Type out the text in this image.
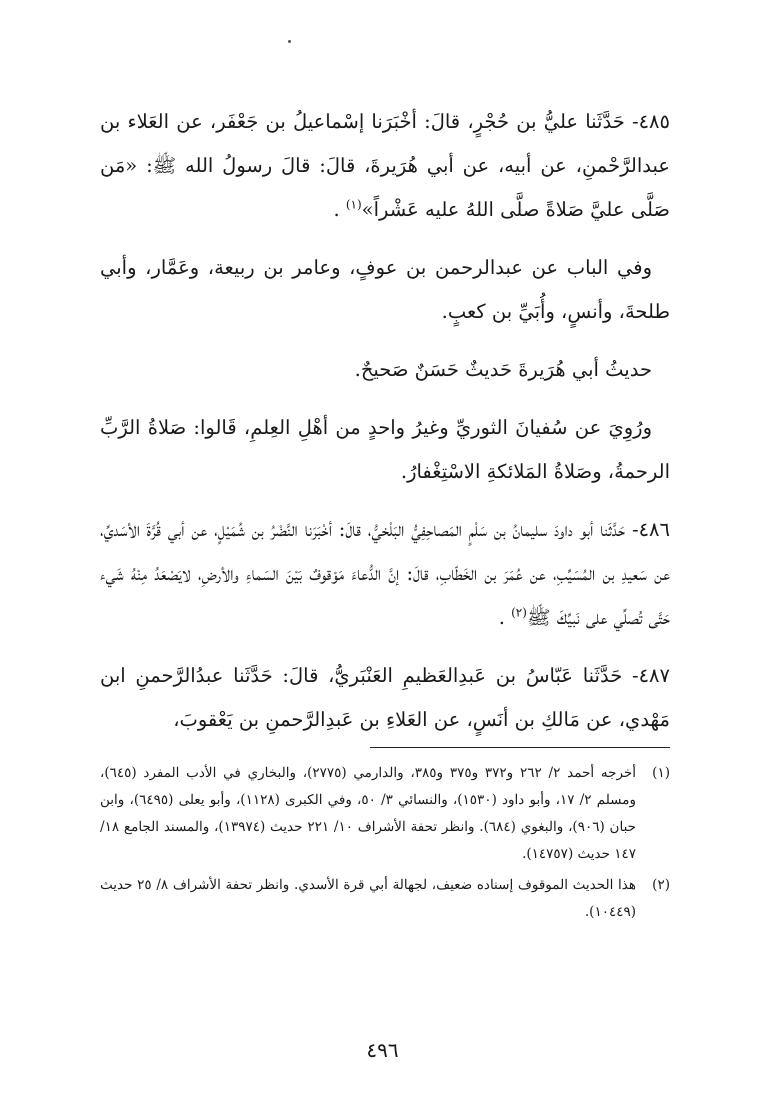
٤٨٥- حَدَّثَنا عليُّ بن حُجْرٍ، قالَ: أخْبَرَنا إسْماعيلُ بن جَعْفَر، عن العَلاء بن عبدالرَّحْمنِ، عن أبيه، عن أبي هُرَيرةَ، قالَ: قالَ رسولُ الله ﷺ: «مَن صَلَّى عليَّ صَلاةً صلَّى اللهُ عليه عَشْراً»$^{(١)}$ .

وفي الباب عن عبدالرحمن بن عوفٍ، وعامر بن ربيعة، وعَمَّار، وأبي طلحةَ، وأنسٍ، وأُبَيِّ بن كعبٍ.

حديثُ أبي هُرَيرةَ حَديثٌ حَسَنٌ صَحيحٌ.

ورُوِيَ عن سُفيانَ الثوريِّ وغيرُ واحدٍ من أهْلِ العِلمِ، قَالوا: صَلاةُ الرَّبِّ الرحمةُ، وصَلاةُ المَلائكةِ الاسْتِغْفارُ.

٤٨٦- حَدَّثَنا أبو داودَ سليمانُ بن سَلْمٍ المَصاحِفِيُّ البَلْخيُّ، قالَ: أخْبَرَنا النَّضْرُ بن شُمَيْلٍ، عن أبي قُرَّةَ الأسَديِّ، عن سَعيدِ بن المُسَيِّبِ، عن عُمَرَ بن الخَطّابِ، قالَ: إنَّ الدُّعاءَ مَوْقوفٌ بَيْنَ السَماءِ والأرضِ، لايَصْعَدُ مِنْهُ شَيء حَتَّى تُصلِّي على نَبيِّكَ ﷺ$^{(٢)}$ .

٤٨٧- حَدَّثَنا عَبّاسُ بن عَبدِالعَظيمِ العَنْبَريُّ، قالَ: حَدَّثَنا عبدُالرَّحمنِ ابن مَهْدي، عن مَالكِ بن أنَسٍ، عن العَلاءِ بن عَبدِالرَّحمنِ بن يَعْقوبَ،

(١)
أخرجه أحمد ٢/ ٢٦٢ و٣٧٢ و٣٧٥ و٣٨٥، والدارمي (٢٧٧٥)، والبخاري في الأدب المفرد (٦٤٥)، ومسلم ٢/ ١٧، وأبو داود (١٥٣٠)، والنسائي ٣/ ٥٠، وفي الكبرى (١١٢٨)، وأبو يعلى (٦٤٩٥)، وابن حبان (٩٠٦)، والبغوي (٦٨٤). وانظر تحفة الأشراف ١٠/ ٢٢١ حديث (١٣٩٧٤)، والمسند الجامع ١٨/ ١٤٧ حديث (١٤٧٥٧).
(٢)
هذا الحديث الموقوف إسناده ضعيف، لجهالة أبي قرة الأسدي. وانظر تحفة الأشراف ٨/ ٢٥ حديث (١٠٤٤٩).
٤٩٦
